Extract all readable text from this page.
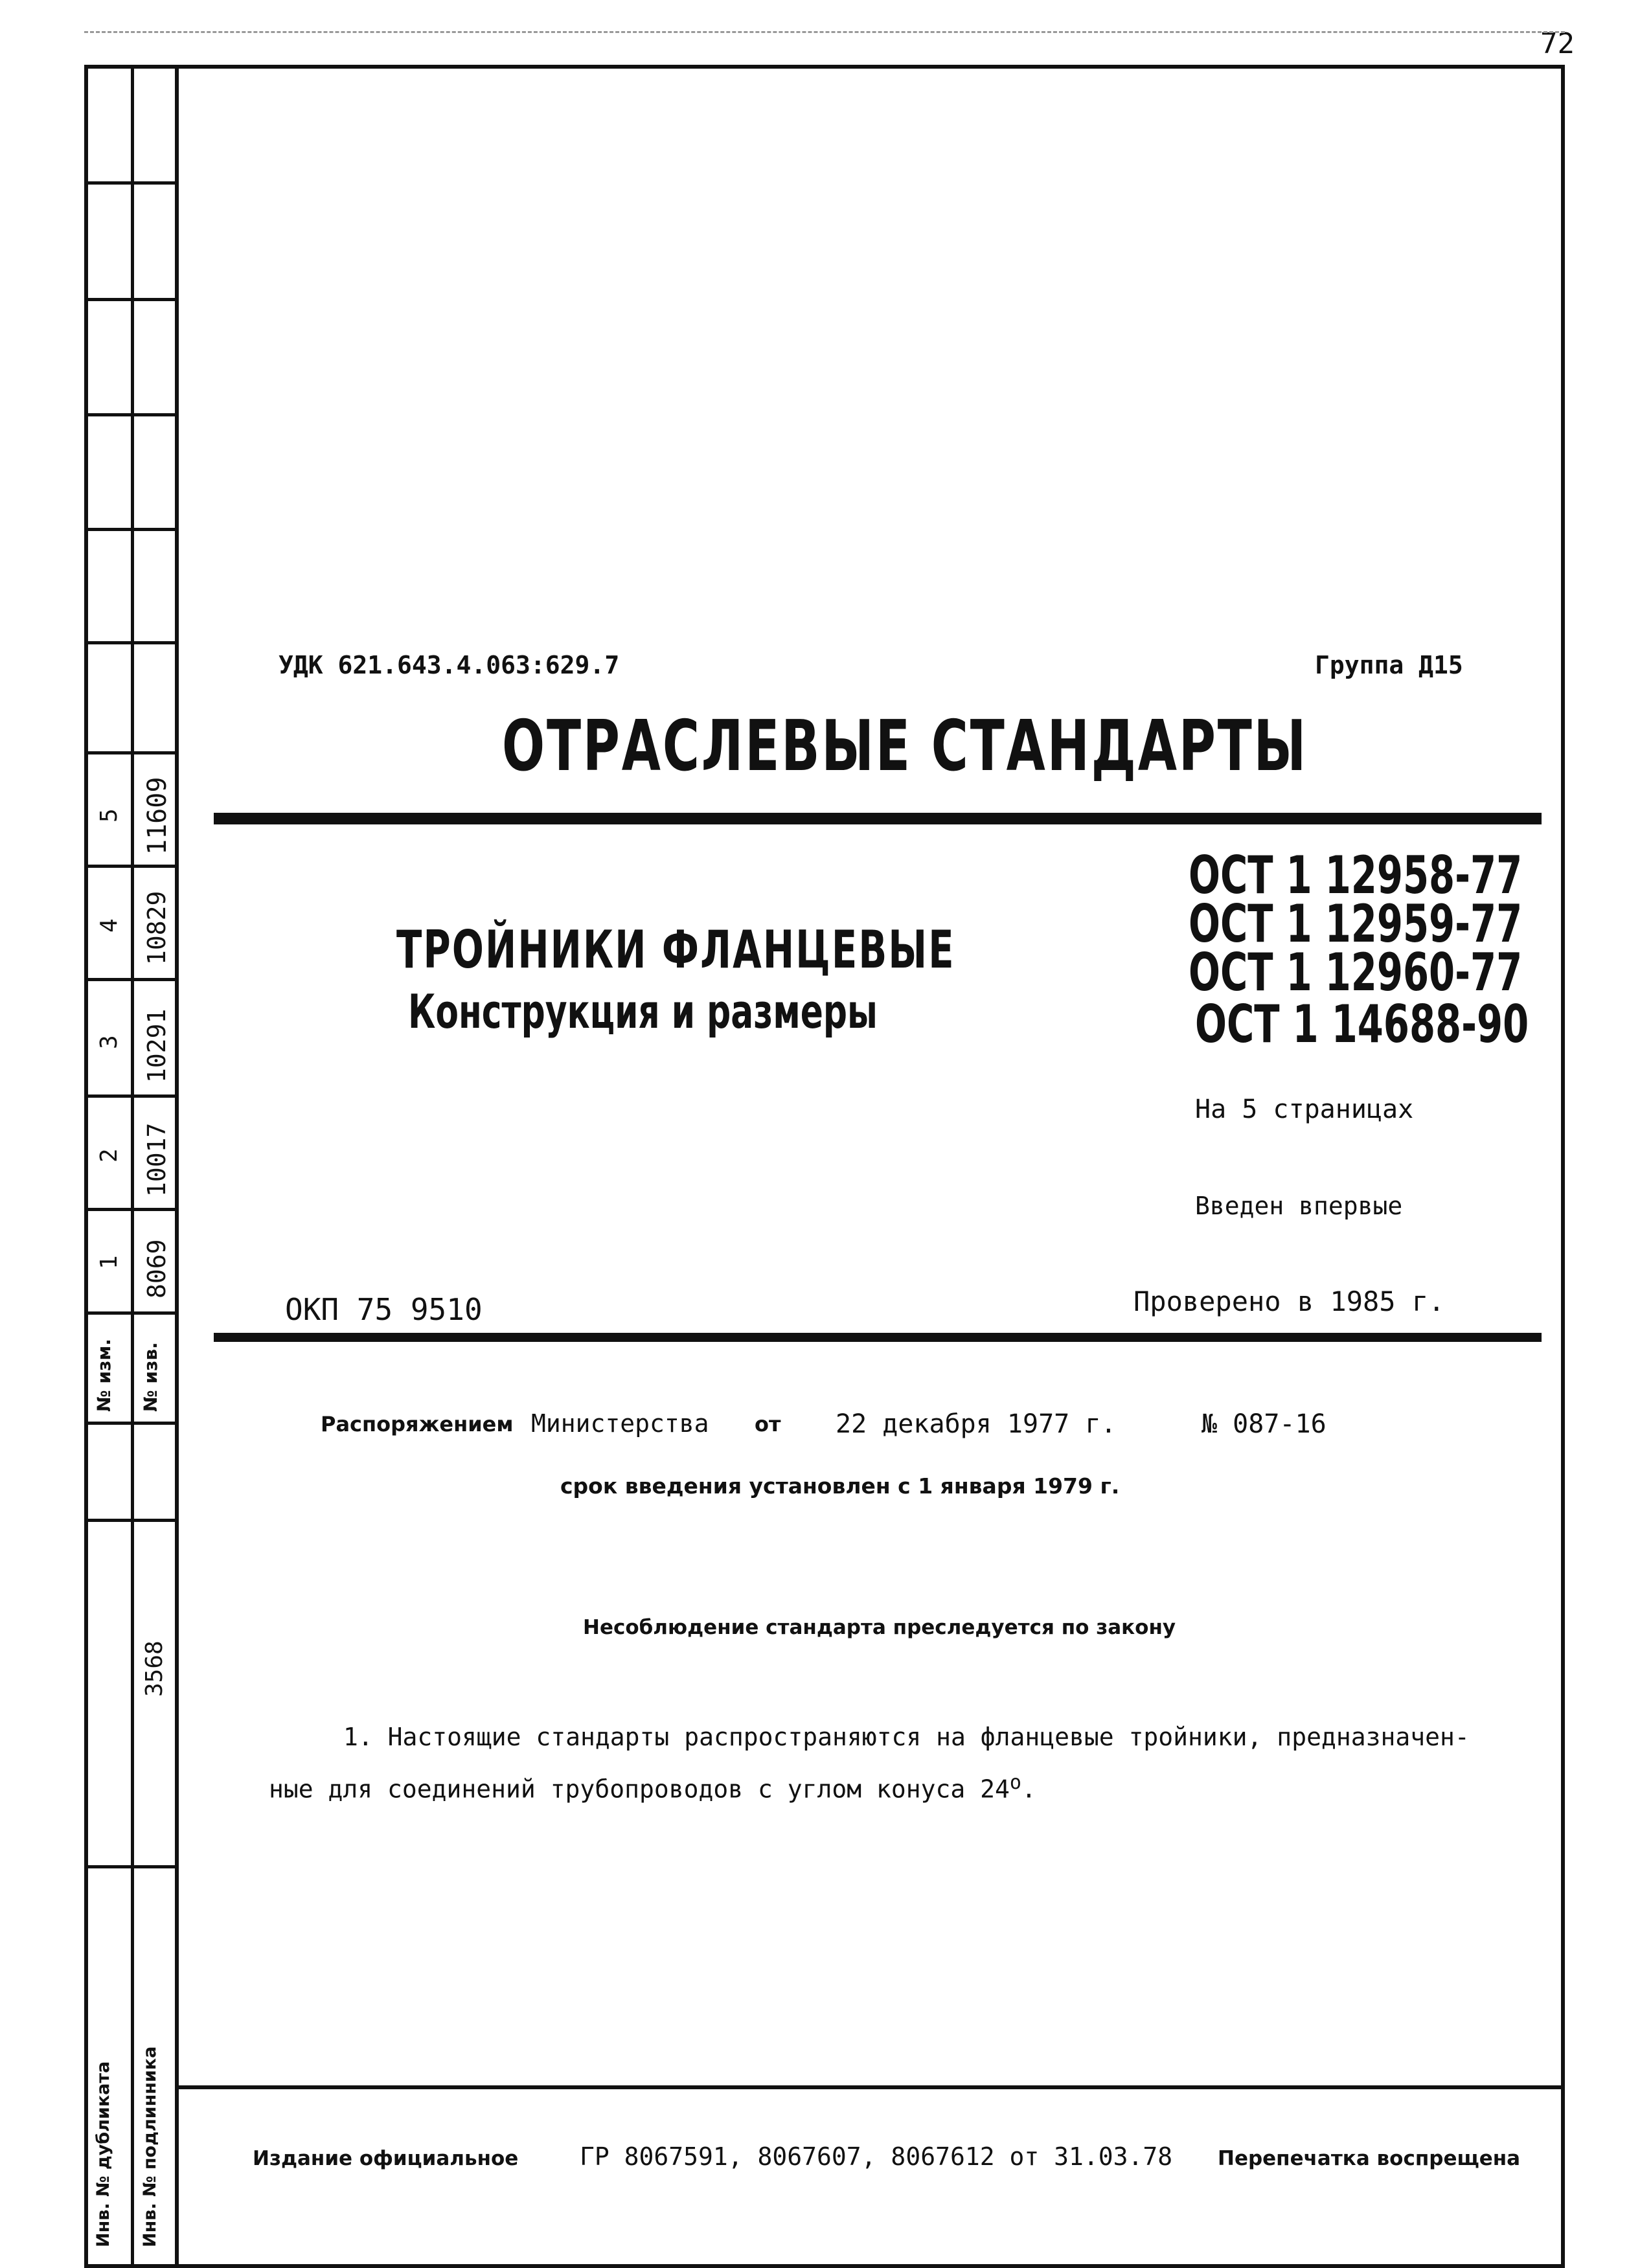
72
5 11609
4 10829
3 10291
2 10017
1 8069
№ изм. № изв.
3568
Инв. № дубликата Инв. № подлинника
УДК 621.643.4.063:629.7	Группа Д15
ОТРАСЛЕВЫЕ СТАНДАРТЫ
ТРОЙНИКИ ФЛАНЦЕВЫЕ
Конструкция и размеры
ОСТ 1 12958-77
ОСТ 1 12959-77
ОСТ 1 12960-77
ОСТ 1 14688-90
На 5 страницах
Введен впервые
ОКП 75 9510	Проверено в 1985 г.
Распоряжением Министерства от 22 декабря 1977 г.	№ 087-16
срок введения установлен с 1 января 1979 г.
Несоблюдение стандарта преследуется по закону
1. Настоящие стандарты распространяются на фланцевые тройники, предназначен-
ные для соединений трубопроводов с углом конуса $24^о$.
Издание официальное ГР 8067591, 8067607, 8067612 от 31.03.78 Перепечатка воспрещена
